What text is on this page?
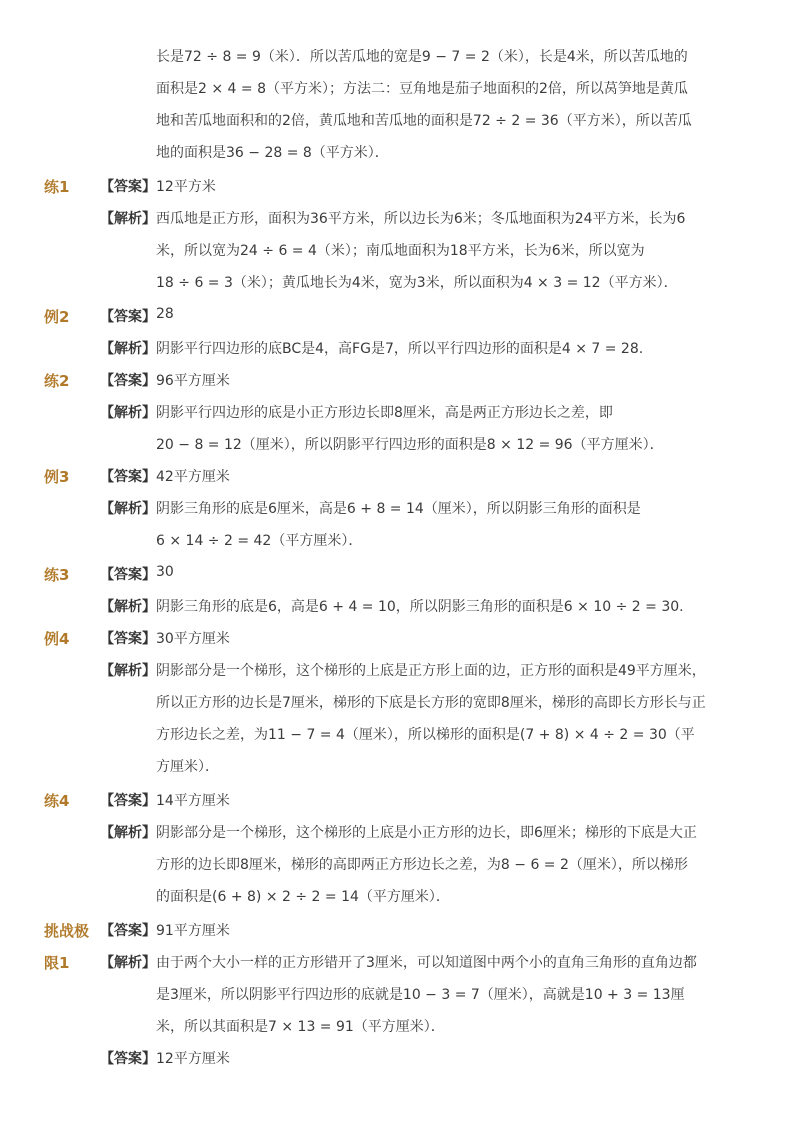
长是72 ÷ 8 = 9（米）．所以苦瓜地的宽是9 − 7 = 2（米），长是4米，所以苦瓜地的
面积是2 × 4 = 8（平方米）；方法二：豆角地是茄子地面积的2倍，所以莴笋地是黄瓜
地和苦瓜地面积和的2倍，黄瓜地和苦瓜地的面积是72 ÷ 2 = 36（平方米），所以苦瓜
地的面积是36 − 28 = 8（平方米）．
练1 【答案】 12平方米
【解析】 西瓜地是正方形，面积为36平方米，所以边长为6米；冬瓜地面积为24平方米，长为6
米，所以宽为24 ÷ 6 = 4（米）；南瓜地面积为18平方米，长为6米，所以宽为
18 ÷ 6 = 3（米）；黄瓜地长为4米，宽为3米，所以面积为4 × 3 = 12（平方米）．
例2 【答案】 28
【解析】 阴影平行四边形的底BC是4，高FG是7，所以平行四边形的面积是4 × 7 = 28.
练2 【答案】 96平方厘米
【解析】 阴影平行四边形的底是小正方形边长即8厘米，高是两正方形边长之差，即
20 − 8 = 12（厘米），所以阴影平行四边形的面积是8 × 12 = 96（平方厘米）．
例3 【答案】 42平方厘米
【解析】 阴影三角形的底是6厘米，高是6 + 8 = 14（厘米），所以阴影三角形的面积是
6 × 14 ÷ 2 = 42（平方厘米）．
练3 【答案】 30
【解析】 阴影三角形的底是6，高是6 + 4 = 10，所以阴影三角形的面积是6 × 10 ÷ 2 = 30.
例4 【答案】 30平方厘米
【解析】 阴影部分是一个梯形，这个梯形的上底是正方形上面的边，正方形的面积是49平方厘米，
所以正方形的边长是7厘米，梯形的下底是长方形的宽即8厘米，梯形的高即长方形长与正
方形边长之差，为11 − 7 = 4（厘米），所以梯形的面积是(7 + 8) × 4 ÷ 2 = 30（平
方厘米）．
练4 【答案】 14平方厘米
【解析】 阴影部分是一个梯形，这个梯形的上底是小正方形的边长，即6厘米；梯形的下底是大正
方形的边长即8厘米，梯形的高即两正方形边长之差，为8 − 6 = 2（厘米），所以梯形
的面积是(6 + 8) × 2 ÷ 2 = 14（平方厘米）．
挑战极 【答案】 91平方厘米
限1 【解析】 由于两个大小一样的正方形错开了3厘米，可以知道图中两个小的直角三角形的直角边都
是3厘米，所以阴影平行四边形的底就是10 − 3 = 7（厘米），高就是10 + 3 = 13厘
米，所以其面积是7 × 13 = 91（平方厘米）．
【答案】 12平方厘米
